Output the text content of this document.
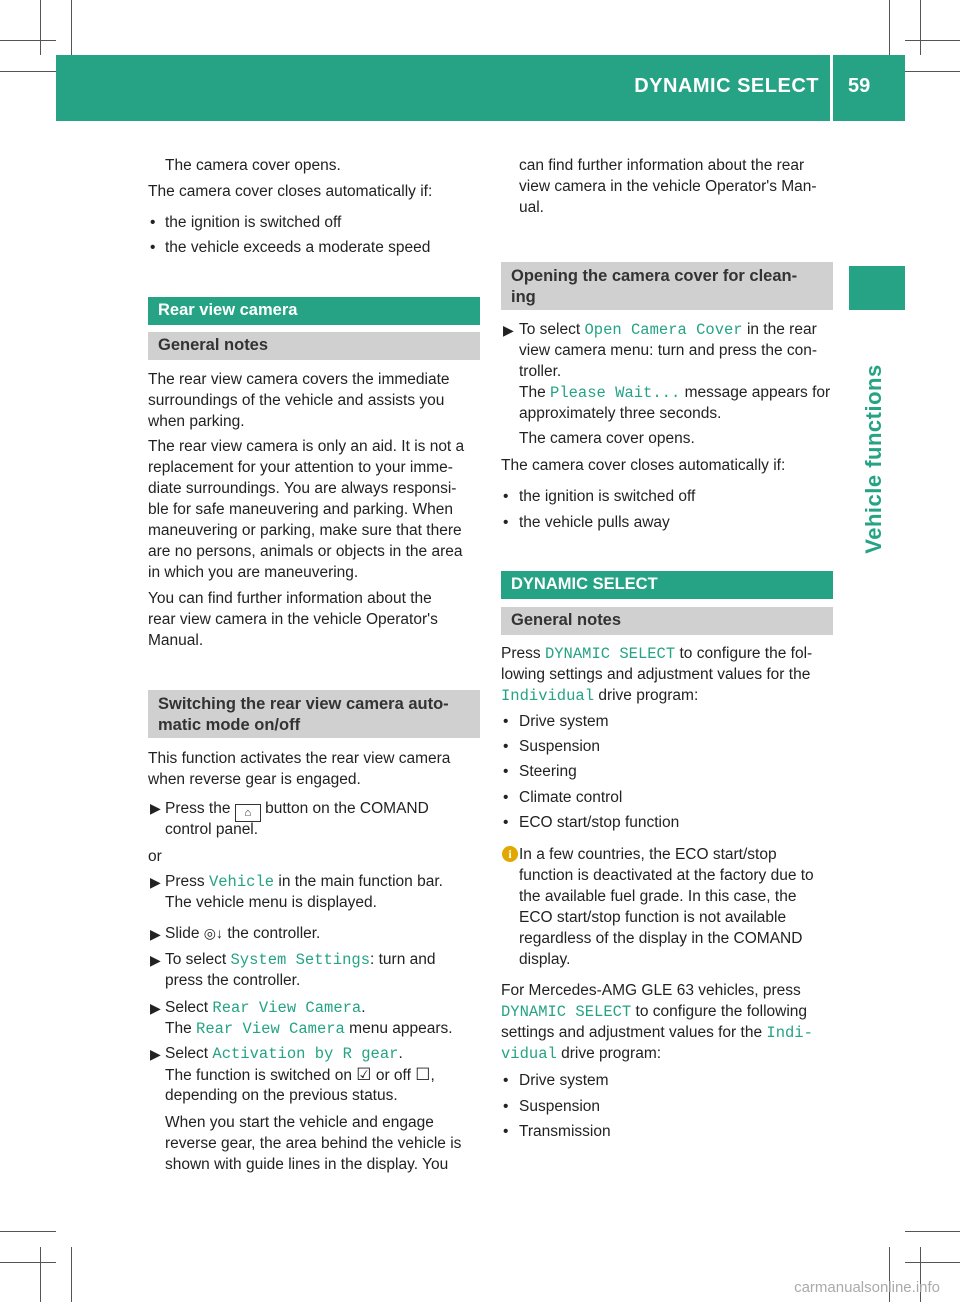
DYNAMIC SELECT 59
Vehicle functions
The camera cover opens.
The camera cover closes automatically if:
• the ignition is switched off
• the vehicle exceeds a moderate speed
Rear view camera
General notes
The rear view camera covers the immediate
surroundings of the vehicle and assists you
when parking.
The rear view camera is only an aid. It is not a
replacement for your attention to your imme-
diate surroundings. You are always responsi-
ble for safe maneuvering and parking. When
maneuvering or parking, make sure that there
are no persons, animals or objects in the area
in which you are maneuvering.
You can find further information about the
rear view camera in the vehicle Operator's
Manual.
Switching the rear view camera auto-
matic mode on/off
This function activates the rear view camera
when reverse gear is engaged.
▶ Press the ⌂ button on the COMAND
control panel.
or
▶ Press Vehicle in the main function bar.
The vehicle menu is displayed.
▶ Slide ◎↓ the controller.
▶ To select System Settings: turn and
press the controller.
▶ Select Rear View Camera.
The Rear View Camera menu appears.
▶ Select Activation by R gear.
The function is switched on ☑ or off ☐,
depending on the previous status.
When you start the vehicle and engage
reverse gear, the area behind the vehicle is
shown with guide lines in the display. You
can find further information about the rear
view camera in the vehicle Operator's Man-
ual.
Opening the camera cover for clean-
ing
▶ To select Open Camera Cover in the rear
view camera menu: turn and press the con-
troller.
The Please Wait... message appears for
approximately three seconds.
The camera cover opens.
The camera cover closes automatically if:
• the ignition is switched off
• the vehicle pulls away
DYNAMIC SELECT
General notes
Press DYNAMIC SELECT to configure the fol-
lowing settings and adjustment values for the
Individual drive program:
• Drive system
• Suspension
• Steering
• Climate control
• ECO start/stop function
i In a few countries, the ECO start/stop
function is deactivated at the factory due to
the available fuel grade. In this case, the
ECO start/stop function is not available
regardless of the display in the COMAND
display.
For Mercedes-AMG GLE 63 vehicles, press
DYNAMIC SELECT to configure the following
settings and adjustment values for the Indi-
vidual drive program:
• Drive system
• Suspension
• Transmission
carmanualsonline.info
